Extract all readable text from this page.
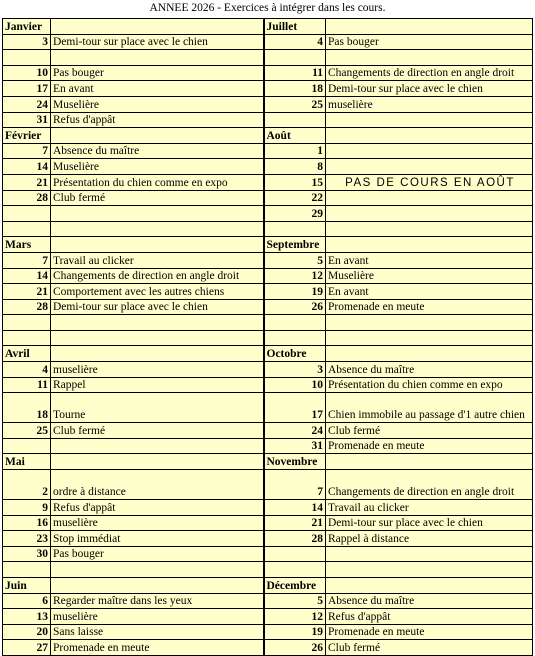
ANNEE 2026 - Exercices à intégrer dans les cours.
Janvier		Juillet	
3	Demi-tour sur place avec le chien	4	Pas bouger

10	Pas bouger	11	Changements de direction en angle droit
17	En avant	18	Demi-tour sur place avec le chien
24	Muselière	25	muselière
31	Refus d'appât		
Février		Août	
7	Absence du maître	1	
14	Muselière	8	
21	Présentation du chien comme en expo	15	PAS DE COURS EN AOÛT
28	Club fermé	22	
		29	

Mars		Septembre	
7	Travail au clicker	5	En avant
14	Changements de direction en angle droit	12	Muselière
21	Comportement avec les autres chiens	19	En avant
28	Demi-tour sur place avec le chien	26	Promenade en meute

Avril		Octobre	
4	muselière	3	Absence du maître
11	Rappel	10	Présentation du chien comme en expo
18	Tourne	17	Chien immobile au passage d'1 autre chien
25	Club fermé	24	Club fermé
		31	Promenade en meute
Mai		Novembre	
2	ordre à distance	7	Changements de direction en angle droit
9	Refus d'appât	14	Travail au clicker
16	muselière	21	Demi-tour sur place avec le chien
23	Stop immédiat	28	Rappel à distance
30	Pas bouger		

Juin		Décembre	
6	Regarder maître dans les yeux	5	Absence du maître
13	muselière	12	Refus d'appât
20	Sans laisse	19	Promenade en meute
27	Promenade en meute	26	Club fermé
